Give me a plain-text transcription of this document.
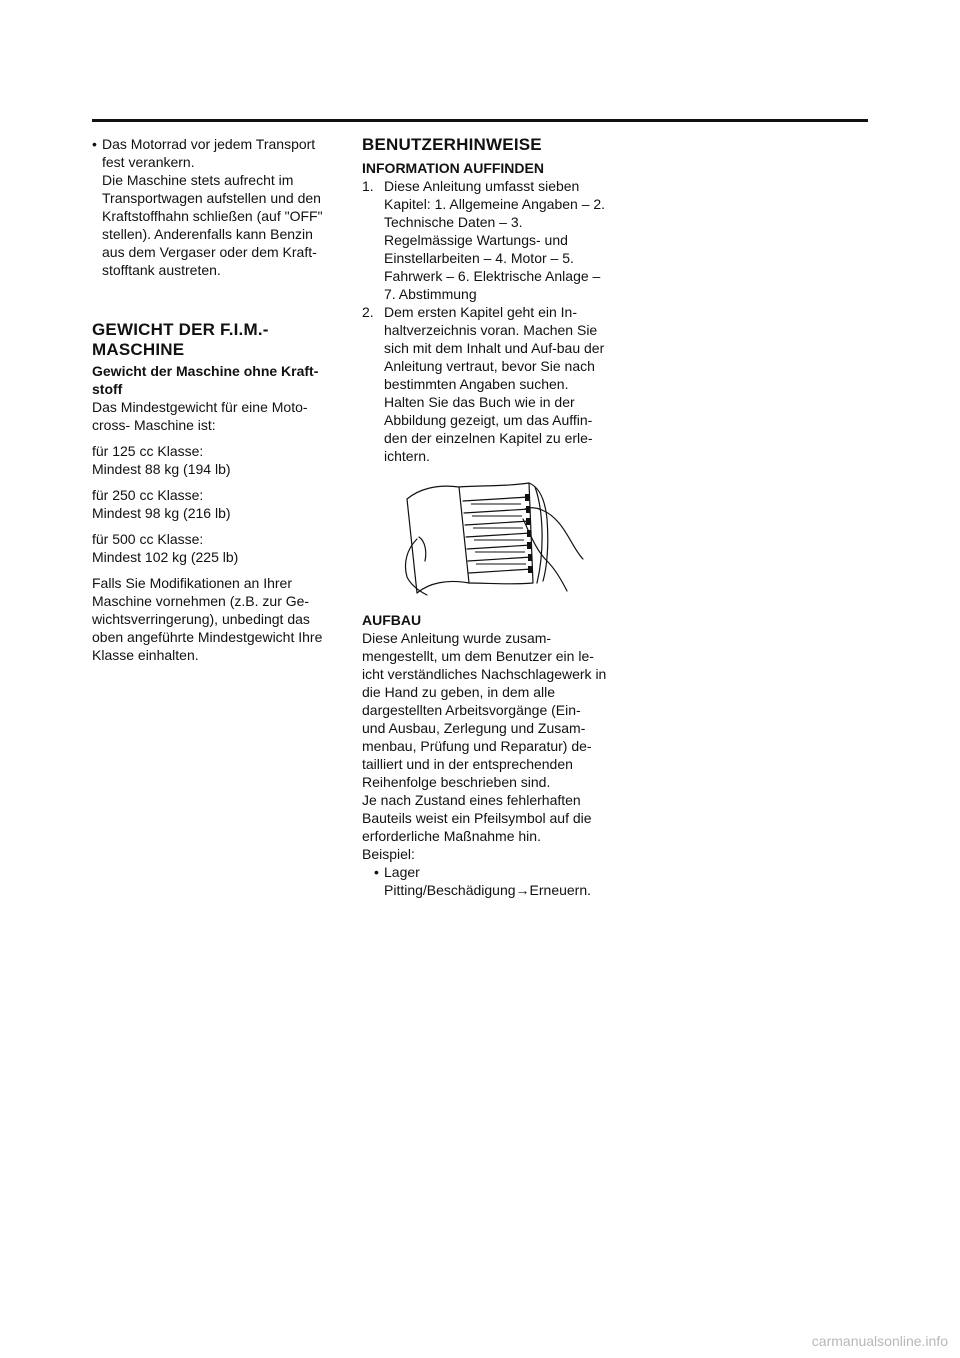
• Das Motorrad vor jedem Transport fest verankern.

Die Maschine stets aufrecht im Transportwagen aufstellen und den Kraftstoffhahn schließen (auf "OFF" stellen). Anderenfalls kann Benzin aus dem Vergaser oder dem Kraft-stofftank austreten.

GEWICHT DER F.I.M.-MASCHINE

Gewicht der Maschine ohne Kraft-stoff

Das Mindestgewicht für eine Moto-cross- Maschine ist:

für 125 cc Klasse:

Mindest 88 kg (194 lb)

für 250 cc Klasse:

Mindest 98 kg (216 lb)

für 500 cc Klasse:

Mindest 102 kg (225 lb)

Falls Sie Modifikationen an Ihrer Maschine vornehmen (z.B. zur Ge-wichtsverringerung), unbedingt das oben angeführte Mindestgewicht Ihre Klasse einhalten.

BENUTZERHINWEISE

INFORMATION AUFFINDEN

1. Diese Anleitung umfasst sieben Kapitel: 1. Allgemeine Angaben – 2. Technische Daten – 3. Regelmässige Wartungs- und Einstellarbeiten – 4. Motor – 5. Fahrwerk – 6. Elektrische Anlage – 7. Abstimmung

2. Dem ersten Kapitel geht ein In-haltverzeichnis voran. Machen Sie sich mit dem Inhalt und Auf-bau der Anleitung vertraut, bevor Sie nach bestimmten Angaben suchen.

Halten Sie das Buch wie in der Abbildung gezeigt, um das Auffin-den der einzelnen Kapitel zu erle-ichtern.

AUFBAU

Diese Anleitung wurde zusam-mengestellt, um dem Benutzer ein le-icht verständliches Nachschlagewerk in die Hand zu geben, in dem alle dargestellten Arbeitsvorgänge (Ein- und Ausbau, Zerlegung und Zusam-menbau, Prüfung und Reparatur) de-tailliert und in der entsprechenden Reihenfolge beschrieben sind.

Je nach Zustand eines fehlerhaften Bauteils weist ein Pfeilsymbol auf die erforderliche Maßnahme hin.

Beispiel:

• Lager

Pitting/Beschädigung→Erneuern.

carmanualsonline.info
